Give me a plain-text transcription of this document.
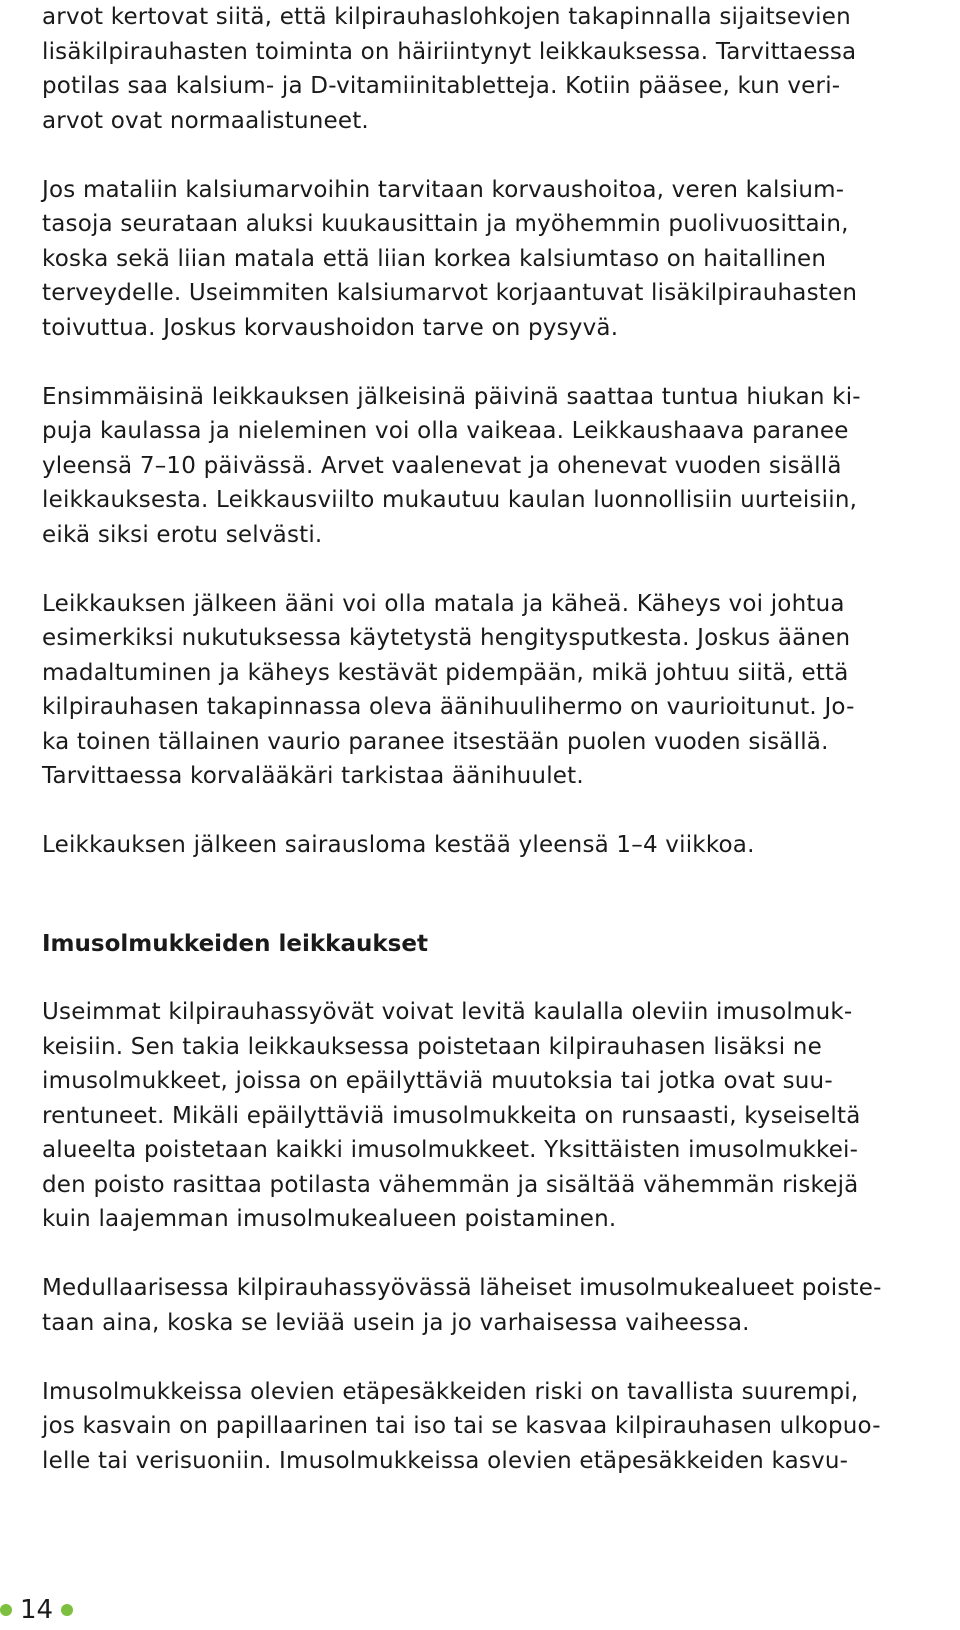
arvot kertovat siitä, että kilpirauhaslohkojen takapinnalla sijaitsevien
lisäkilpirauhasten toiminta on häiriintynyt leikkauksessa. Tarvittaessa
potilas saa kalsium- ja D-vitamiinitabletteja. Kotiin pääsee, kun veri-
arvot ovat normaalistuneet.

Jos mataliin kalsiumarvoihin tarvitaan korvaushoitoa, veren kalsium-
tasoja seurataan aluksi kuukausittain ja myöhemmin puolivuosittain,
koska sekä liian matala että liian korkea kalsiumtaso on haitallinen
terveydelle. Useimmiten kalsiumarvot korjaantuvat lisäkilpirauhasten
toivuttua. Joskus korvaushoidon tarve on pysyvä.

Ensimmäisinä leikkauksen jälkeisinä päivinä saattaa tuntua hiukan ki-
puja kaulassa ja nieleminen voi olla vaikeaa. Leikkaushaava paranee
yleensä 7–10 päivässä. Arvet vaalenevat ja ohenevat vuoden sisällä
leikkauksesta. Leikkausviilto mukautuu kaulan luonnollisiin uurteisiin,
eikä siksi erotu selvästi.

Leikkauksen jälkeen ääni voi olla matala ja käheä. Käheys voi johtua
esimerkiksi nukutuksessa käytetystä hengitysputkesta. Joskus äänen
madaltuminen ja käheys kestävät pidempään, mikä johtuu siitä, että
kilpirauhasen takapinnassa oleva äänihuulihermo on vaurioitunut. Jo-
ka toinen tällainen vaurio paranee itsestään puolen vuoden sisällä.
Tarvittaessa korvalääkäri tarkistaa äänihuulet.

Leikkauksen jälkeen sairausloma kestää yleensä 1–4 viikkoa.

Imusolmukkeiden leikkaukset

Useimmat kilpirauhassyövät voivat levitä kaulalla oleviin imusolmuk-
keisiin. Sen takia leikkauksessa poistetaan kilpirauhasen lisäksi ne
imusolmukkeet, joissa on epäilyttäviä muutoksia tai jotka ovat suu-
rentuneet. Mikäli epäilyttäviä imusolmukkeita on runsaasti, kyseiseltä
alueelta poistetaan kaikki imusolmukkeet. Yksittäisten imusolmukkei-
den poisto rasittaa potilasta vähemmän ja sisältää vähemmän riskejä
kuin laajemman imusolmukealueen poistaminen.

Medullaarisessa kilpirauhassyövässä läheiset imusolmukealueet poiste-
taan aina, koska se leviää usein ja jo varhaisessa vaiheessa.

Imusolmukkeissa olevien etäpesäkkeiden riski on tavallista suurempi,
jos kasvain on papillaarinen tai iso tai se kasvaa kilpirauhasen ulkopuo-
lelle tai verisuoniin. Imusolmukkeissa olevien etäpesäkkeiden kasvu-

14
